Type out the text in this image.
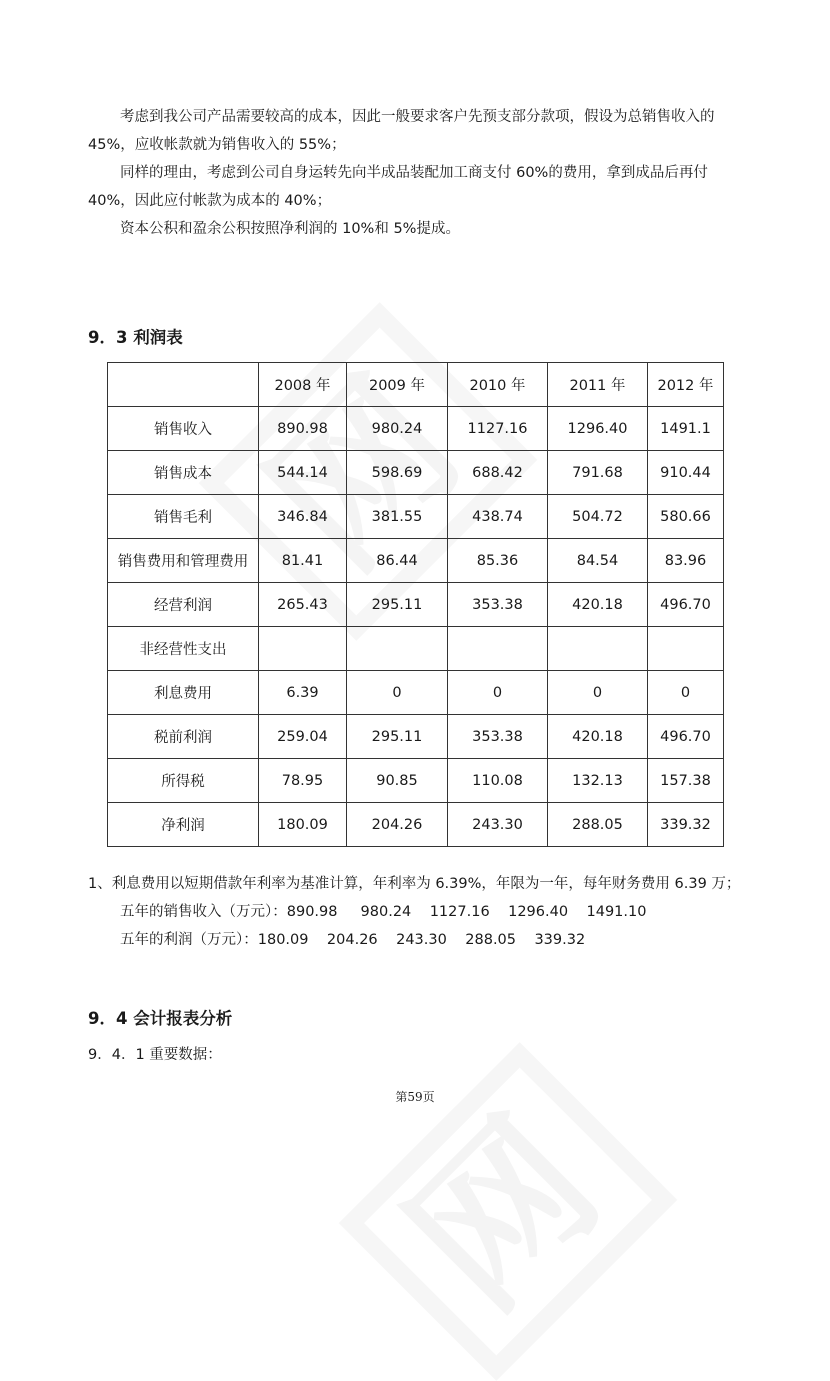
考虑到我公司产品需要较高的成本，因此一般要求客户先预支部分款项，假设为总销售收入的
45%，应收帐款就为销售收入的 55%；
同样的理由，考虑到公司自身运转先向半成品装配加工商支付 60%的费用，拿到成品后再付
40%，因此应付帐款为成本的 40%；
资本公积和盈余公积按照净利润的 10%和 5%提成。
9．3 利润表
	2008 年	2009 年	2010 年	2011 年	2012 年
销售收入	890.98	980.24	1127.16	1296.40	1491.1
销售成本	544.14	598.69	688.42	791.68	910.44
销售毛利	346.84	381.55	438.74	504.72	580.66
销售费用和管理费用	81.41	86.44	85.36	84.54	83.96
经营利润	265.43	295.11	353.38	420.18	496.70
非经营性支出					
利息费用	6.39	0	0	0	0
税前利润	259.04	295.11	353.38	420.18	496.70
所得税	78.95	90.85	110.08	132.13	157.38
净利润	180.09	204.26	243.30	288.05	339.32
1、利息费用以短期借款年利率为基准计算，年利率为 6.39%，年限为一年，每年财务费用 6.39 万；
五年的销售收入（万元）：890.98     980.24    1127.16    1296.40    1491.10
五年的利润（万元）：180.09    204.26    243.30    288.05    339.32
9．4 会计报表分析
9．4．1 重要数据：
第59页
